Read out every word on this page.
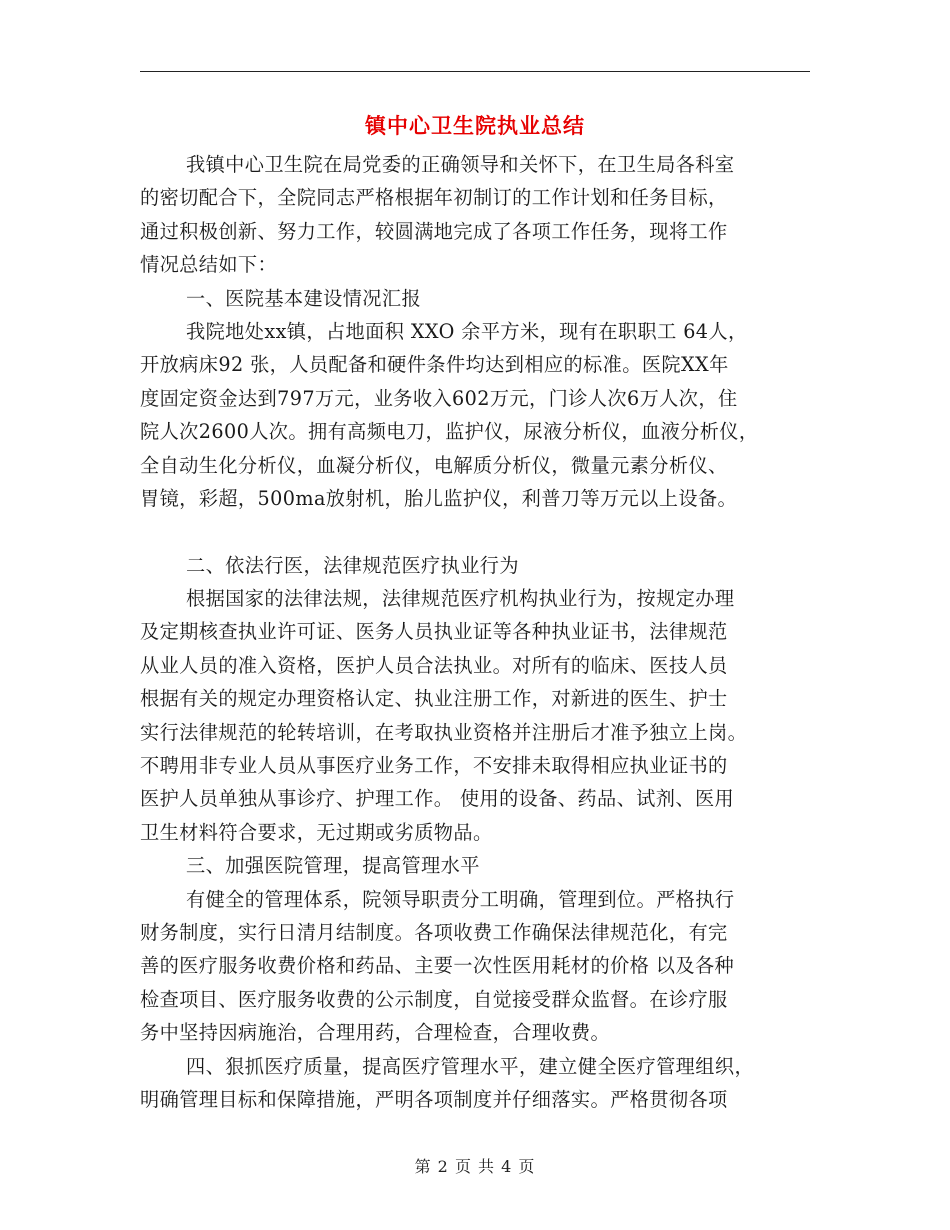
镇中心卫生院执业总结
我镇中心卫生院在局党委的正确领导和关怀下，在卫生局各科室
的密切配合下，全院同志严格根据年初制订的工作计划和任务目标，
通过积极创新、努力工作，较圆满地完成了各项工作任务，现将工作
情况总结如下：
一、医院基本建设情况汇报
我院地处xx镇，占地面积 XXO 余平方米，现有在职职工 64人，
开放病床92 张，人员配备和硬件条件均达到相应的标准。医院XX年
度固定资金达到797万元，业务收入602万元，门诊人次6万人次，住
院人次2600人次。拥有高频电刀，监护仪，尿液分析仪，血液分析仪，
全自动生化分析仪，血凝分析仪，电解质分析仪，微量元素分析仪、
胃镜，彩超，500ma放射机，胎儿监护仪，利普刀等万元以上设备。
二、依法行医，法律规范医疗执业行为
根据国家的法律法规，法律规范医疗机构执业行为，按规定办理
及定期核查执业许可证、医务人员执业证等各种执业证书，法律规范
从业人员的准入资格，医护人员合法执业。对所有的临床、医技人员
根据有关的规定办理资格认定、执业注册工作，对新进的医生、护士
实行法律规范的轮转培训，在考取执业资格并注册后才准予独立上岗。
不聘用非专业人员从事医疗业务工作，不安排未取得相应执业证书的
医护人员单独从事诊疗、护理工作。 使用的设备、药品、试剂、医用
卫生材料符合要求，无过期或劣质物品。
三、加强医院管理，提高管理水平
有健全的管理体系，院领导职责分工明确，管理到位。严格执行
财务制度，实行日清月结制度。各项收费工作确保法律规范化，有完
善的医疗服务收费价格和药品、主要一次性医用耗材的价格 以及各种
检查项目、医疗服务收费的公示制度，自觉接受群众监督。在诊疗服
务中坚持因病施治，合理用药，合理检查，合理收费。
四、狠抓医疗质量，提高医疗管理水平，建立健全医疗管理组织，
明确管理目标和保障措施，严明各项制度并仔细落实。严格贯彻各项
第 2 页 共 4 页
